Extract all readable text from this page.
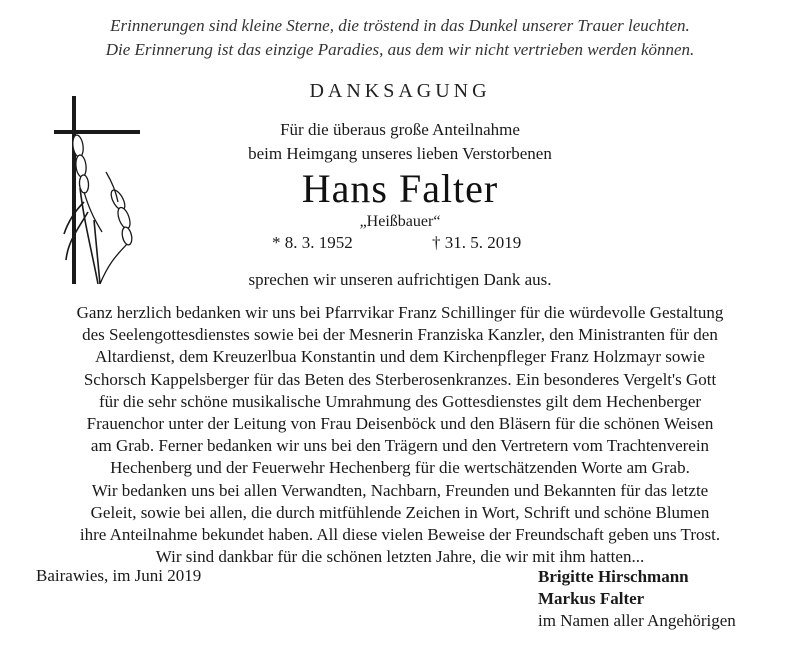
Erinnerungen sind kleine Sterne, die tröstend in das Dunkel unserer Trauer leuchten.
Die Erinnerung ist das einzige Paradies, aus dem wir nicht vertrieben werden können.
DANKSAGUNG
Für die überaus große Anteilnahme
beim Heimgang unseres lieben Verstorbenen
Hans Falter
„Heißbauer“
* 8. 3. 1952	† 31. 5. 2019
sprechen wir unseren aufrichtigen Dank aus.
Ganz herzlich bedanken wir uns bei Pfarrvikar Franz Schillinger für die würdevolle Gestaltung
des Seelengottesdienstes sowie bei der Mesnerin Franziska Kanzler, den Ministranten für den
Altardienst, dem Kreuzerlbua Konstantin und dem Kirchenpfleger Franz Holzmayr sowie
Schorsch Kappelsberger für das Beten des Sterberosenkranzes. Ein besonderes Vergelt's Gott
für die sehr schöne musikalische Umrahmung des Gottesdienstes gilt dem Hechenberger
Frauenchor unter der Leitung von Frau Deisenböck und den Bläsern für die schönen Weisen
am Grab. Ferner bedanken wir uns bei den Trägern und den Vertretern vom Trachtenverein
Hechenberg und der Feuerwehr Hechenberg für die wertschätzenden Worte am Grab.
Wir bedanken uns bei allen Verwandten, Nachbarn, Freunden und Bekannten für das letzte
Geleit, sowie bei allen, die durch mitfühlende Zeichen in Wort, Schrift und schöne Blumen
ihre Anteilnahme bekundet haben. All diese vielen Beweise der Freundschaft geben uns Trost.
Wir sind dankbar für die schönen letzten Jahre, die wir mit ihm hatten...
Bairawies, im Juni 2019	Brigitte Hirschmann
Markus Falter
im Namen aller Angehörigen
